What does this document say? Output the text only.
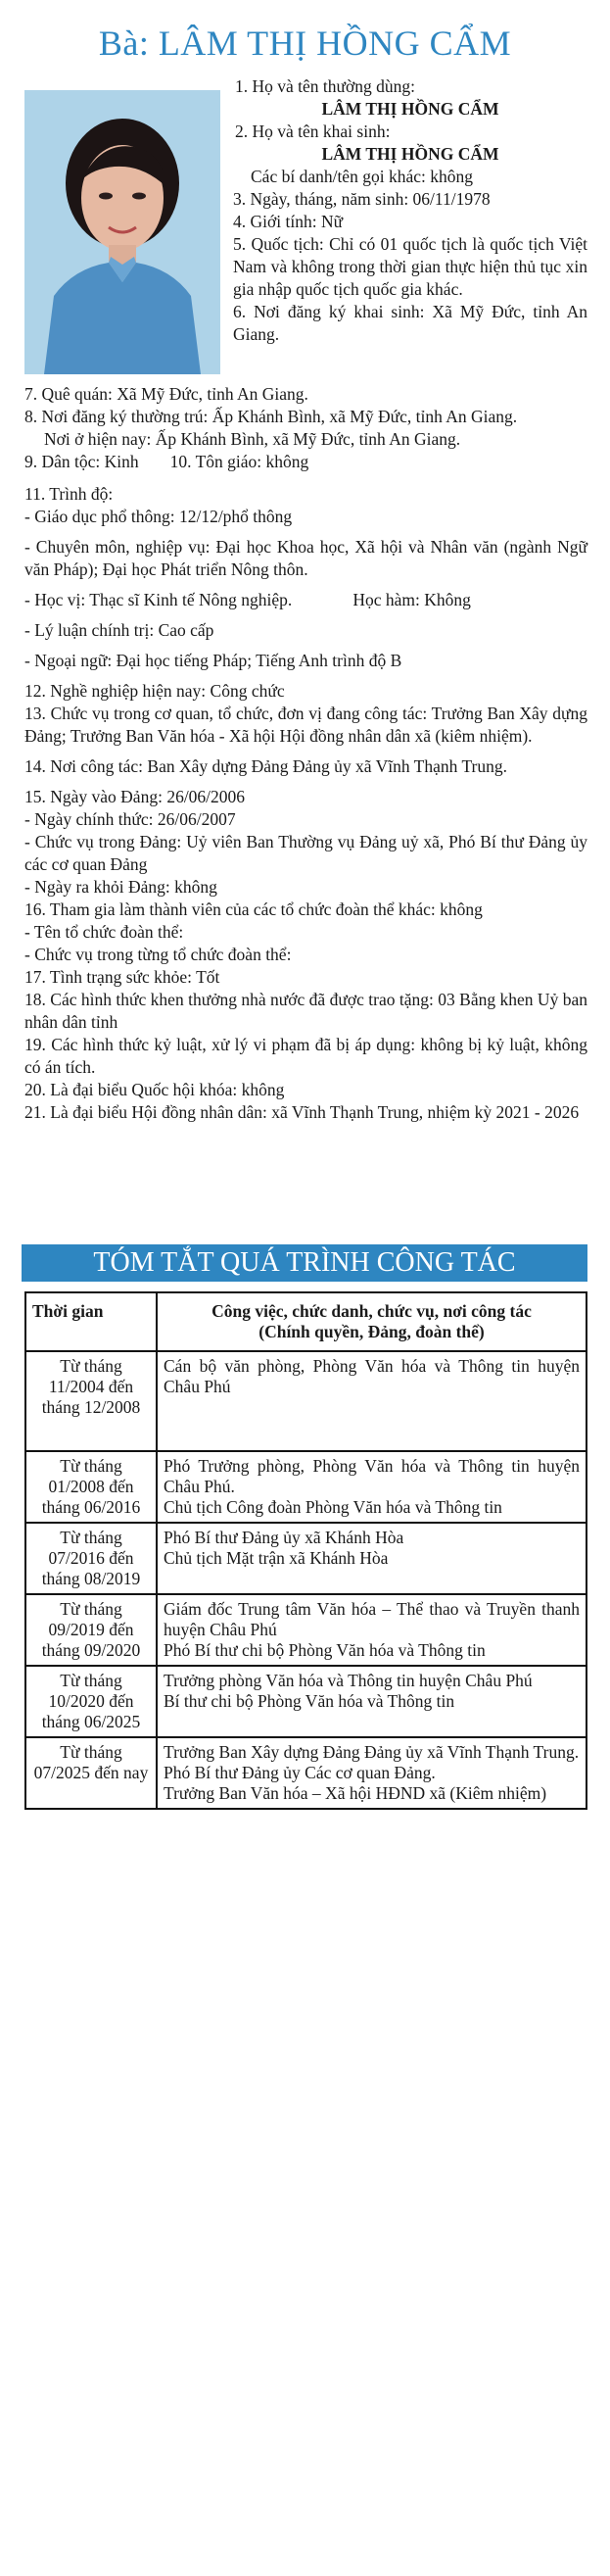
Bà: LÂM THỊ HỒNG CẨM

1. Họ và tên thường dùng:

LÂM THỊ HỒNG CẨM

2. Họ và tên khai sinh:

LÂM THỊ HỒNG CẨM

Các bí danh/tên gọi khác: không

3. Ngày, tháng, năm sinh: 06/11/1978

4. Giới tính: Nữ

5. Quốc tịch: Chỉ có 01 quốc tịch là quốc tịch Việt Nam và không trong thời gian thực hiện thủ tục xin gia nhập quốc tịch quốc gia khác.

6. Nơi đăng ký khai sinh: Xã Mỹ Đức, tỉnh An Giang.

7. Quê quán: Xã Mỹ Đức, tỉnh An Giang.

8. Nơi đăng ký thường trú: Ấp Khánh Bình, xã Mỹ Đức, tỉnh An Giang.

Nơi ở hiện nay: Ấp Khánh Bình, xã Mỹ Đức, tỉnh An Giang.

9. Dân tộc: Kinh 10. Tôn giáo: không

11. Trình độ:

- Giáo dục phổ thông: 12/12/phổ thông

- Chuyên môn, nghiệp vụ: Đại học Khoa học, Xã hội và Nhân văn (ngành Ngữ văn Pháp); Đại học Phát triển Nông thôn.

- Học vị: Thạc sĩ Kinh tế Nông nghiệp.	Học hàm: Không

- Lý luận chính trị: Cao cấp

- Ngoại ngữ: Đại học tiếng Pháp; Tiếng Anh trình độ B

12. Nghề nghiệp hiện nay: Công chức

13. Chức vụ trong cơ quan, tổ chức, đơn vị đang công tác: Trưởng Ban Xây dựng Đảng; Trưởng Ban Văn hóa - Xã hội Hội đồng nhân dân xã (kiêm nhiệm).

14. Nơi công tác: Ban Xây dựng Đảng Đảng ủy xã Vĩnh Thạnh Trung.

15. Ngày vào Đảng: 26/06/2006

- Ngày chính thức: 26/06/2007

- Chức vụ trong Đảng: Uỷ viên Ban Thường vụ Đảng uỷ xã, Phó Bí thư Đảng ủy các cơ quan Đảng

- Ngày ra khỏi Đảng: không

16. Tham gia làm thành viên của các tổ chức đoàn thể khác: không

- Tên tổ chức đoàn thể:

- Chức vụ trong từng tổ chức đoàn thể:

17. Tình trạng sức khỏe: Tốt

18. Các hình thức khen thưởng nhà nước đã được trao tặng: 03 Bằng khen Uỷ ban nhân dân tỉnh

19. Các hình thức kỷ luật, xử lý vi phạm đã bị áp dụng: không bị kỷ luật, không có án tích.

20. Là đại biểu Quốc hội khóa: không

21. Là đại biểu Hội đồng nhân dân: xã Vĩnh Thạnh Trung, nhiệm kỳ 2021 - 2026

TÓM TẮT QUÁ TRÌNH CÔNG TÁC
Thời gian	Công việc, chức danh, chức vụ, nơi công tác
(Chính quyền, Đảng, đoàn thể)

Từ tháng 11/2004 đến tháng 12/2008	Cán bộ văn phòng, Phòng Văn hóa và Thông tin huyện Châu Phú

Từ tháng 01/2008 đến tháng 06/2016	Phó Trưởng phòng, Phòng Văn hóa và Thông tin huyện Châu Phú.
Chủ tịch Công đoàn Phòng Văn hóa và Thông tin

Từ tháng 07/2016 đến tháng 08/2019	Phó Bí thư Đảng ủy xã Khánh Hòa
Chủ tịch Mặt trận xã Khánh Hòa

Từ tháng 09/2019 đến tháng 09/2020	Giám đốc Trung tâm Văn hóa – Thể thao và Truyền thanh huyện Châu Phú
Phó Bí thư chi bộ Phòng Văn hóa và Thông tin

Từ tháng 10/2020 đến tháng 06/2025	Trưởng phòng Văn hóa và Thông tin huyện Châu Phú
Bí thư chi bộ Phòng Văn hóa và Thông tin

Từ tháng 07/2025 đến nay	Trưởng Ban Xây dựng Đảng Đảng ủy xã Vĩnh Thạnh Trung.
Phó Bí thư Đảng ủy Các cơ quan Đảng.
Trưởng Ban Văn hóa – Xã hội HĐND xã (Kiêm nhiệm)
